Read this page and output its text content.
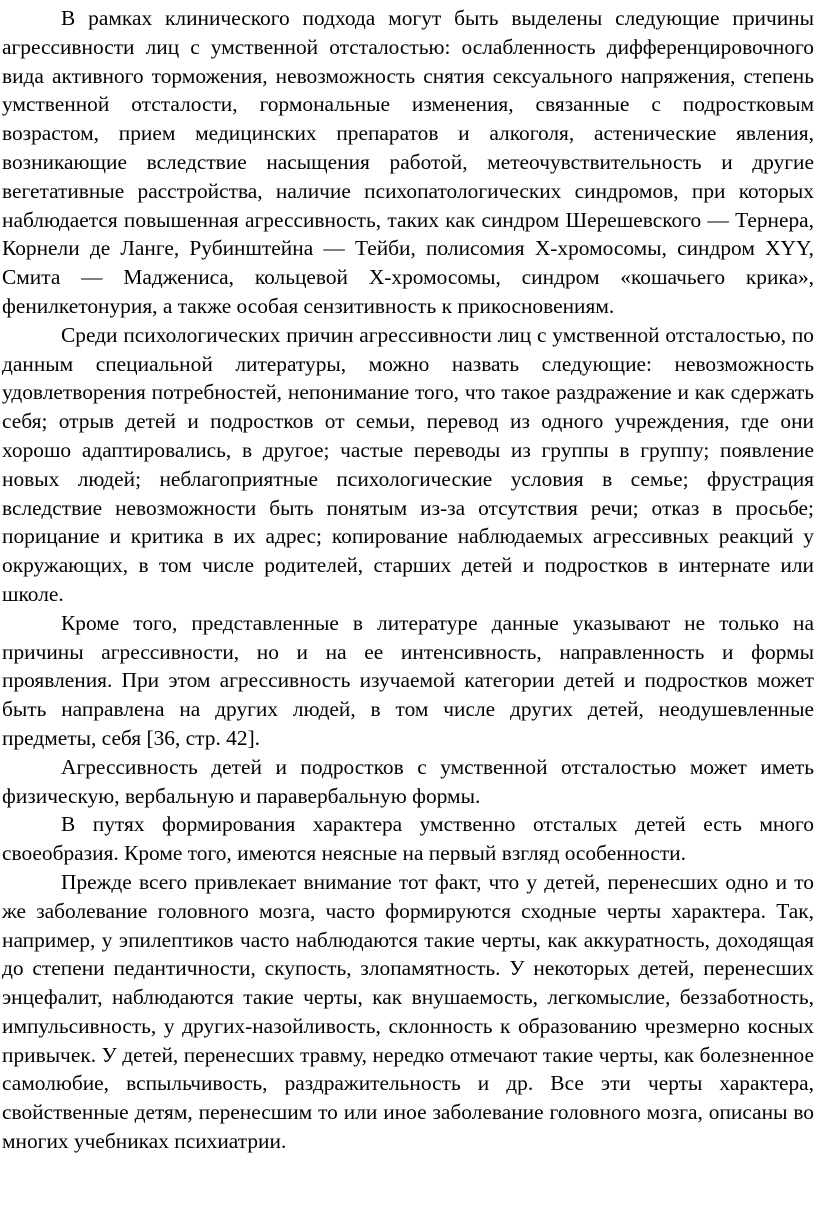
В рамках клинического подхода могут быть выделены следующие причины агрессивности лиц с умственной отсталостью: ослабленность дифференцировочного вида активного торможения, невозможность снятия сексуального напряжения, степень умственной отсталости, гормональные изменения, связанные с подростковым возрастом, прием медицинских препаратов и алкоголя, астенические явления, возникающие вследствие насыщения работой, метеочувствительность и другие вегетативные расстройства, наличие психопатологических синдромов, при которых наблюдается повышенная агрессивность, таких как синдром Шерешевского — Тернера, Корнели де Ланге, Рубинштейна — Тейби, полисомия Х-хромосомы, синдром XYY, Смита — Мадженисa, кольцевой Х-хромосомы, синдром «кошачьего крика», фенилкетонурия, а также особая сензитивность к прикосновениям.

Среди психологических причин агрессивности лиц с умственной отсталостью, по данным специальной литературы, можно назвать следующие: невозможность удовлетворения потребностей, непонимание того, что такое раздражение и как сдержать себя; отрыв детей и подростков от семьи, перевод из одного учреждения, где они хорошо адаптировались, в другое; частые переводы из группы в группу; появление новых людей; неблагоприятные психологические условия в семье; фрустрация вследствие невозможности быть понятым из-за отсутствия речи; отказ в просьбе; порицание и критика в их адрес; копирование наблюдаемых агрессивных реакций у окружающих, в том числе родителей, старших детей и подростков в интернате или школе.

Кроме того, представленные в литературе данные указывают не только на причины агрессивности, но и на ее интенсивность, направленность и формы проявления. При этом агрессивность изучаемой категории детей и подростков может быть направлена на других людей, в том числе других детей, неодушевленные предметы, себя [36, стр. 42].

Агрессивность детей и подростков с умственной отсталостью может иметь физическую, вербальную и паравербальную формы.

В путях формирования характера умственно отсталых детей есть много своеобразия. Кроме того, имеются неясные на первый взгляд особенности.

Прежде всего привлекает внимание тот факт, что у детей, перенесших одно и то же заболевание головного мозга, часто формируются сходные черты характера. Так, например, у эпилептиков часто наблюдаются такие черты, как аккуратность, доходящая до степени педантичности, скупость, злопамятность. У некоторых детей, перенесших энцефалит, наблюдаются такие черты, как внушаемость, легкомыслие, беззаботность, импульсивность, у других-назойливость, склонность к образованию чрезмерно косных привычек. У детей, перенесших травму, нередко отмечают такие черты, как болезненное самолюбие, вспыльчивость, раздражительность и др. Все эти черты характера, свойственные детям, перенесшим то или иное заболевание головного мозга, описаны во многих учебниках психиатрии.
